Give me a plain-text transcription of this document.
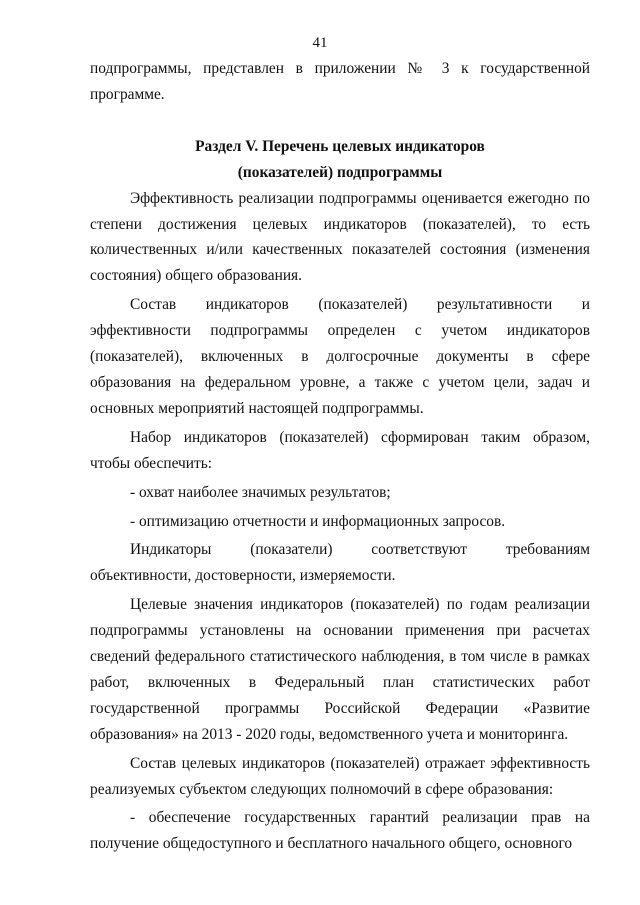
41

подпрограммы, представлен в приложении № 3 к государственной программе.

Раздел V. Перечень целевых индикаторов

(показателей) подпрограммы

Эффективность реализации подпрограммы оценивается ежегодно по степени достижения целевых индикаторов (показателей), то есть количественных и/или качественных показателей состояния (изменения состояния) общего образования.

Состав индикаторов (показателей) результативности и эффективности подпрограммы определен с учетом индикаторов (показателей), включенных в долгосрочные документы в сфере образования на федеральном уровне, а также с учетом цели, задач и основных мероприятий настоящей подпрограммы.

Набор индикаторов (показателей) сформирован таким образом, чтобы обеспечить:

- охват наиболее значимых результатов;

- оптимизацию отчетности и информационных запросов.

Индикаторы (показатели) соответствуют требованиям объективности, достоверности, измеряемости.

Целевые значения индикаторов (показателей) по годам реализации подпрограммы установлены на основании применения при расчетах сведений федерального статистического наблюдения, в том числе в рамках работ, включенных в Федеральный план статистических работ государственной программы Российской Федерации «Развитие образования» на 2013 - 2020 годы, ведомственного учета и мониторинга.

Состав целевых индикаторов (показателей) отражает эффективность реализуемых субъектом следующих полномочий в сфере образования:

- обеспечение государственных гарантий реализации прав на получение общедоступного и бесплатного начального общего, основного
